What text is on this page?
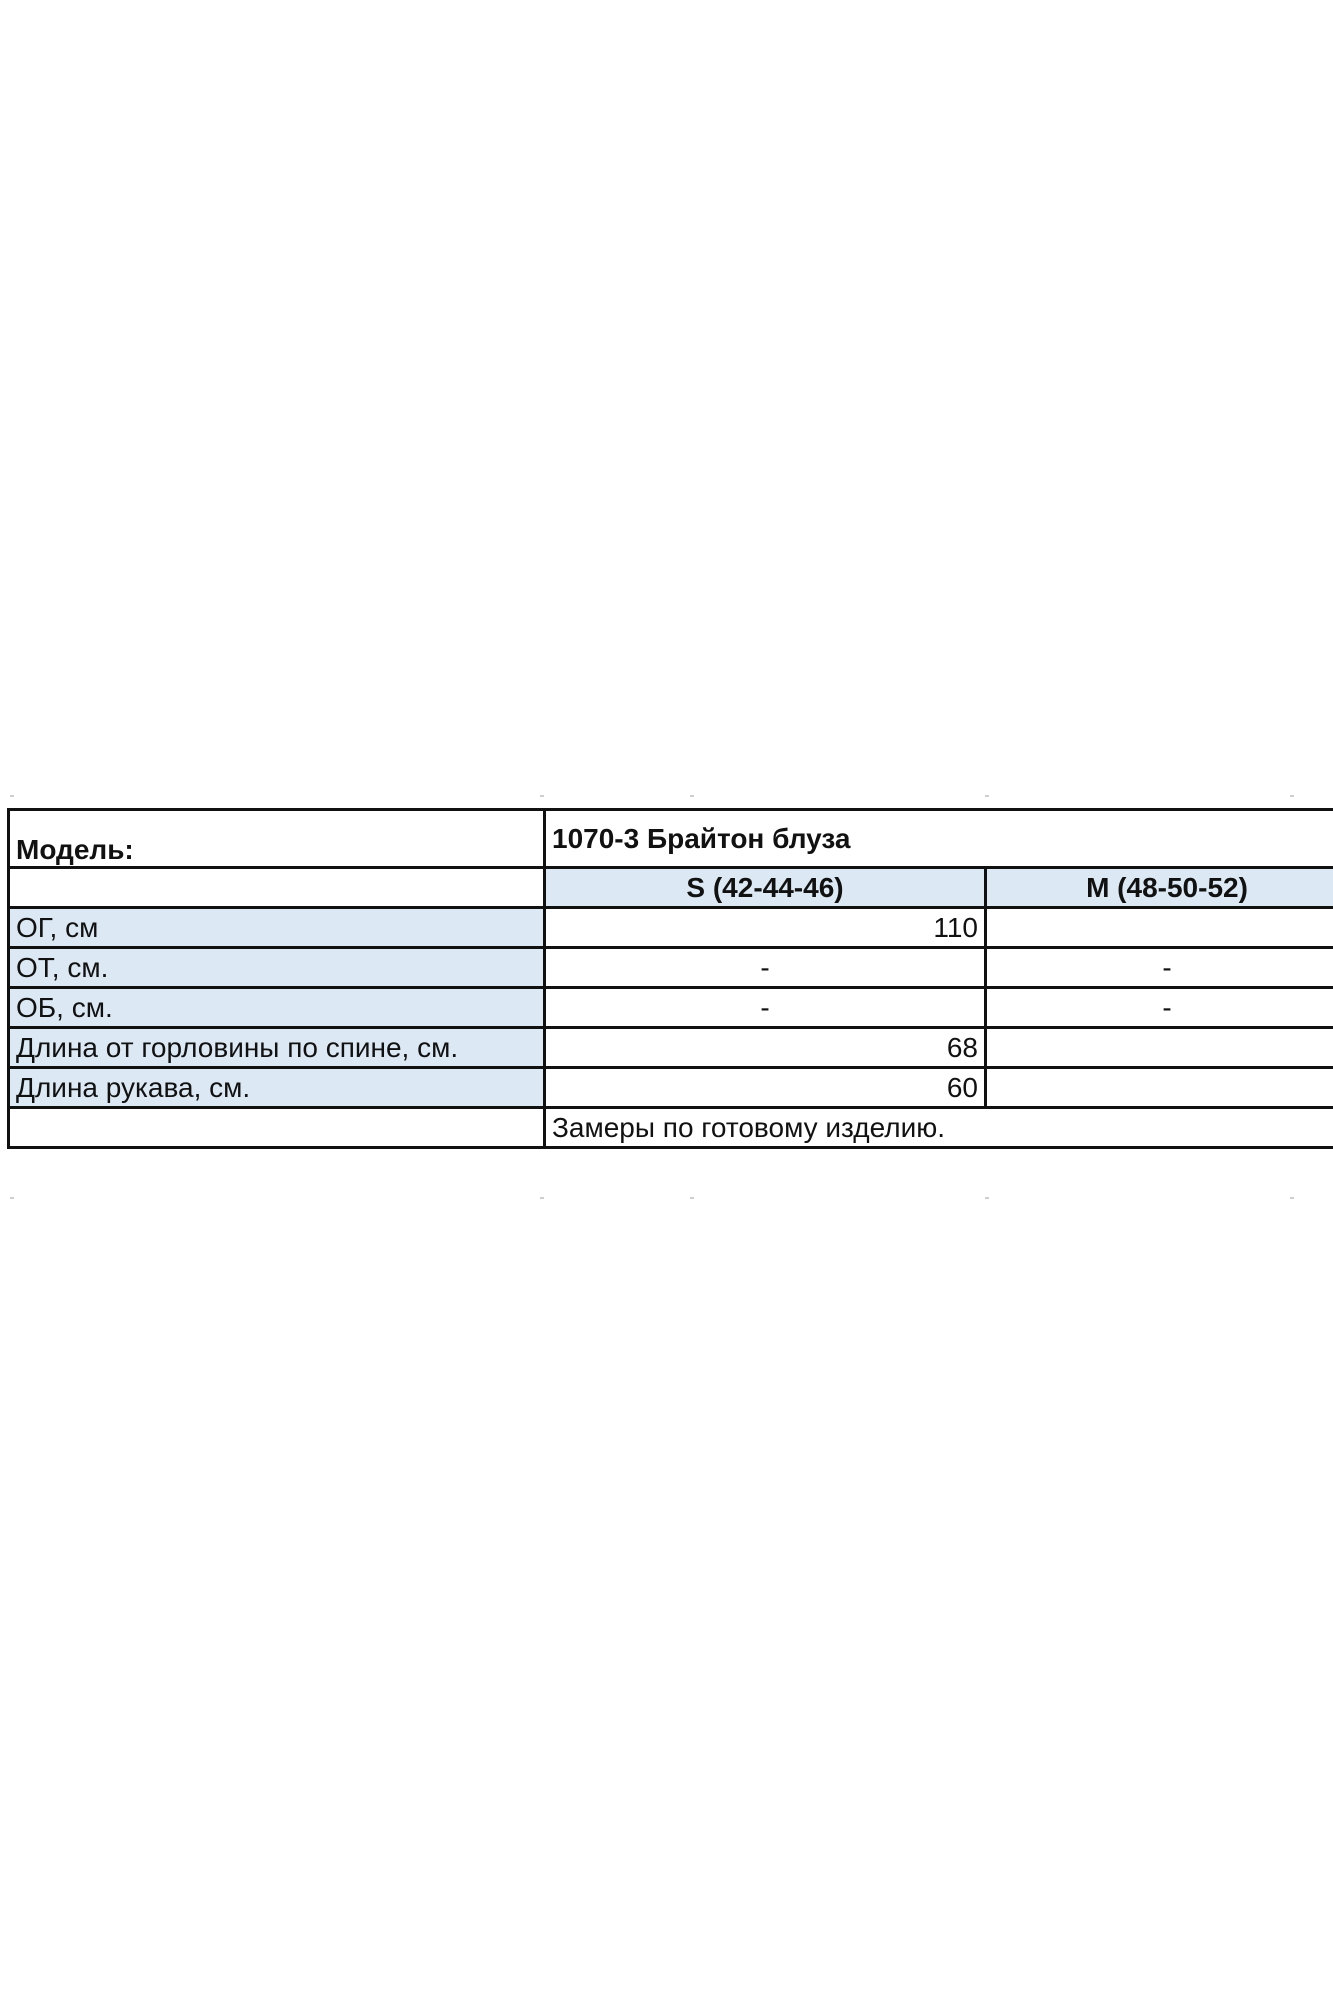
Модель:	1070-3 Брайтон блуза	
	S (42-44-46)	M (48-50-52)
ОГ, см	110	
ОТ, см.	-	-
ОБ, см.	-	-
Длина от горловины по спине, см.	68	
Длина рукава, см.	60	
	Замеры по готовому изделию.	
